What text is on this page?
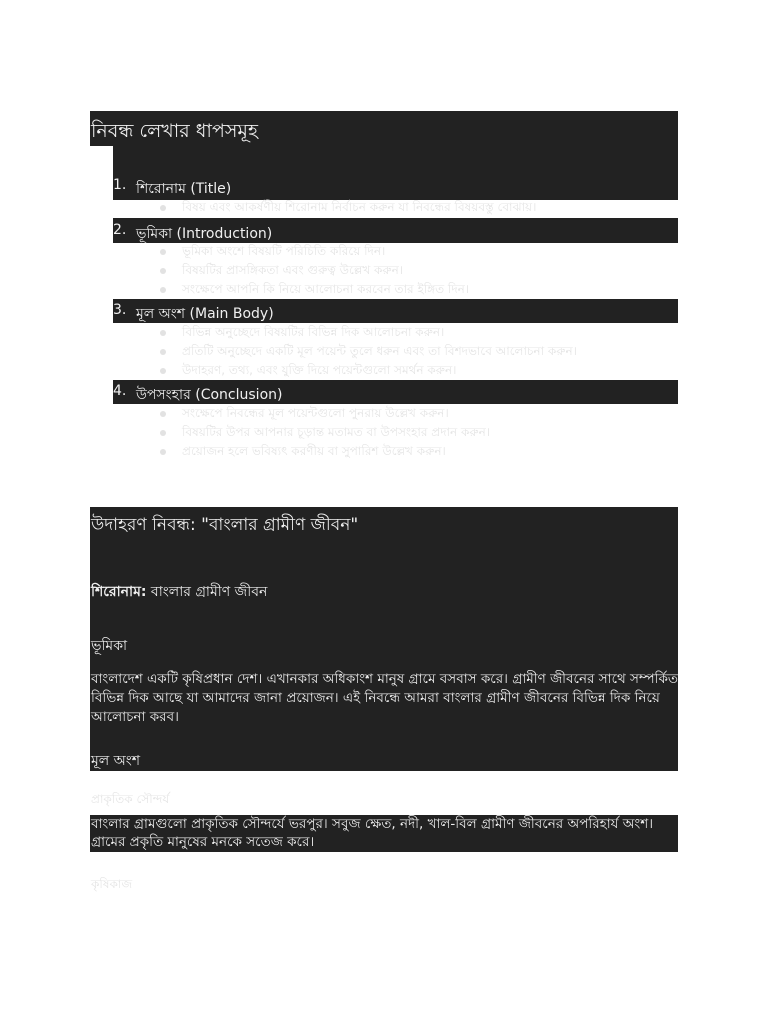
নিবন্ধ লেখার ধাপসমূহ
1. শিরোনাম (Title)
বিষয় এবং আকর্ষণীয় শিরোনাম নির্বাচন করুন যা নিবন্ধের বিষয়বস্তু বোঝায়।
2. ভূমিকা (Introduction)
ভূমিকা অংশে বিষয়টি পরিচিতি করিয়ে দিন।
বিষয়টির প্রাসঙ্গিকতা এবং গুরুত্ব উল্লেখ করুন।
সংক্ষেপে আপনি কি নিয়ে আলোচনা করবেন তার ইঙ্গিত দিন।
3. মূল অংশ (Main Body)
বিভিন্ন অনুচ্ছেদে বিষয়টির বিভিন্ন দিক আলোচনা করুন।
প্রতিটি অনুচ্ছেদে একটি মূল পয়েন্ট তুলে ধরুন এবং তা বিশদভাবে আলোচনা করুন।
উদাহরণ, তথ্য, এবং যুক্তি দিয়ে পয়েন্টগুলো সমর্থন করুন।
4. উপসংহার (Conclusion)
সংক্ষেপে নিবন্ধের মূল পয়েন্টগুলো পুনরায় উল্লেখ করুন।
বিষয়টির উপর আপনার চূড়ান্ত মতামত বা উপসংহার প্রদান করুন।
প্রয়োজন হলে ভবিষ্যৎ করণীয় বা সুপারিশ উল্লেখ করুন।
উদাহরণ নিবন্ধ: "বাংলার গ্রামীণ জীবন"
শিরোনাম: বাংলার গ্রামীণ জীবন
ভূমিকা
বাংলাদেশ একটি কৃষিপ্রধান দেশ। এখানকার অধিকাংশ মানুষ গ্রামে বসবাস করে। গ্রামীণ জীবনের সাথে সম্পর্কিত
বিভিন্ন দিক আছে যা আমাদের জানা প্রয়োজন। এই নিবন্ধে আমরা বাংলার গ্রামীণ জীবনের বিভিন্ন দিক নিয়ে
আলোচনা করব।
মূল অংশ
প্রাকৃতিক সৌন্দর্য
বাংলার গ্রামগুলো প্রাকৃতিক সৌন্দর্যে ভরপুর। সবুজ ক্ষেত, নদী, খাল-বিল গ্রামীণ জীবনের অপরিহার্য অংশ।
গ্রামের প্রকৃতি মানুষের মনকে সতেজ করে।
কৃষিকাজ
